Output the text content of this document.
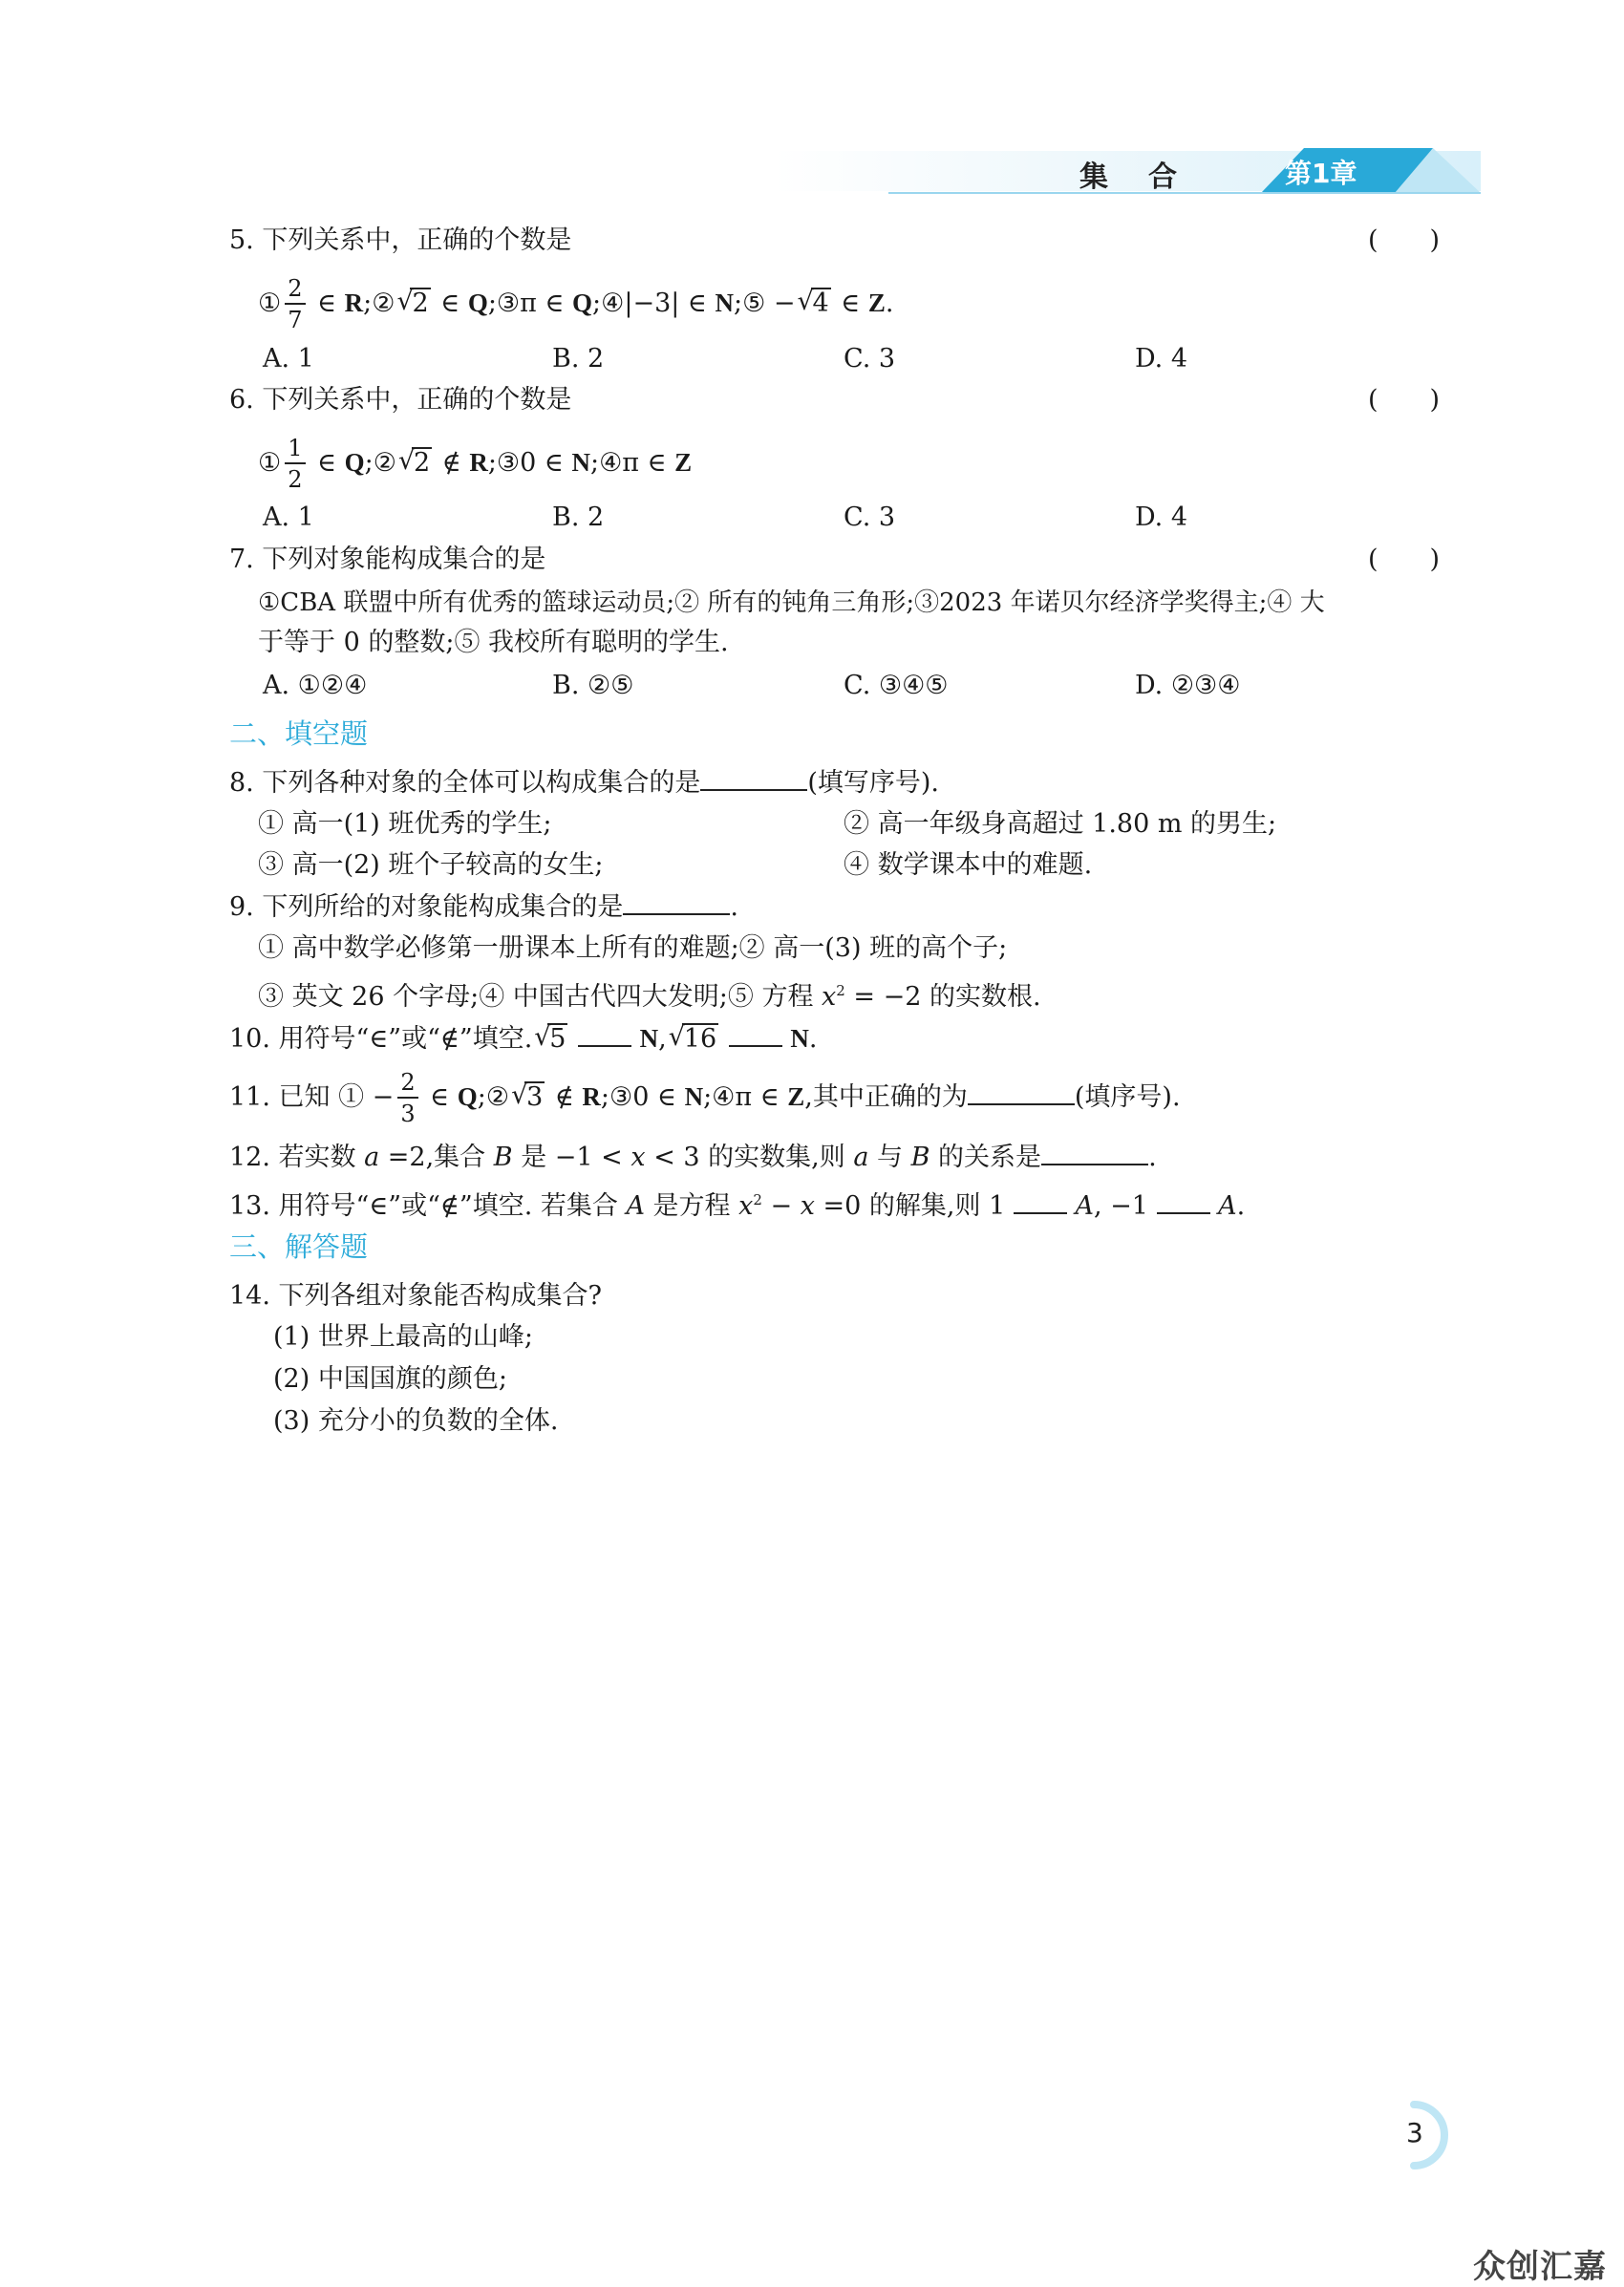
集　合	第1章
5. 下列关系中，正确的个数是	(　　)
① $\frac{2}{7}$ ∈ R;② √ 2 ∈ Q;③π ∈ Q;④|−3| ∈ N;⑤ − √ 4 ∈ Z.
A. 1	B. 2	C. 3	D. 4
6. 下列关系中，正确的个数是	(　　)
① $\frac{1}{2}$ ∈ Q;② √ 2 ∉ R;③0 ∈ N;④π ∈ Z
A. 1	B. 2	C. 3	D. 4
7. 下列对象能构成集合的是	(　　)
①CBA 联盟中所有优秀的篮球运动员;② 所有的钝角三角形;③2023 年诺贝尔经济学奖得主;④ 大
于等于 0 的整数;⑤ 我校所有聪明的学生.
A. ①②④	B. ②⑤	C. ③④⑤	D. ②③④
二、填空题
8. 下列各种对象的全体可以构成集合的是	(填写序号).
① 高一(1) 班优秀的学生;	② 高一年级身高超过 1.80 m 的男生;
③ 高一(2) 班个子较高的女生;	④ 数学课本中的难题.
9. 下列所给的对象能构成集合的是	.
① 高中数学必修第一册课本上所有的难题;② 高一(3) 班的高个子;
③ 英文 26 个字母;④ 中国古代四大发明;⑤ 方程 $x^2 = -2$ 的实数根.
10. 用符号“∈”或“∉”填空. √ 5	N, √ 16	N.
11. 已知 ① − $\frac{2}{3}$ ∈ Q;② √ 3 ∉ R;③0 ∈ N;④π ∈ Z,其中正确的为	(填序号).
12. 若实数 a =2,集合 B 是 −1 < x < 3 的实数集,则 a 与 B 的关系是	.
13. 用符号“∈”或“∉”填空. 若集合 A 是方程 $x^2 - x =0$ 的解集,则 1  A, −1  A.
三、解答题
14. 下列各组对象能否构成集合?
(1) 世界上最高的山峰;
(2) 中国国旗的颜色;
(3) 充分小的负数的全体.
3
众创汇嘉
